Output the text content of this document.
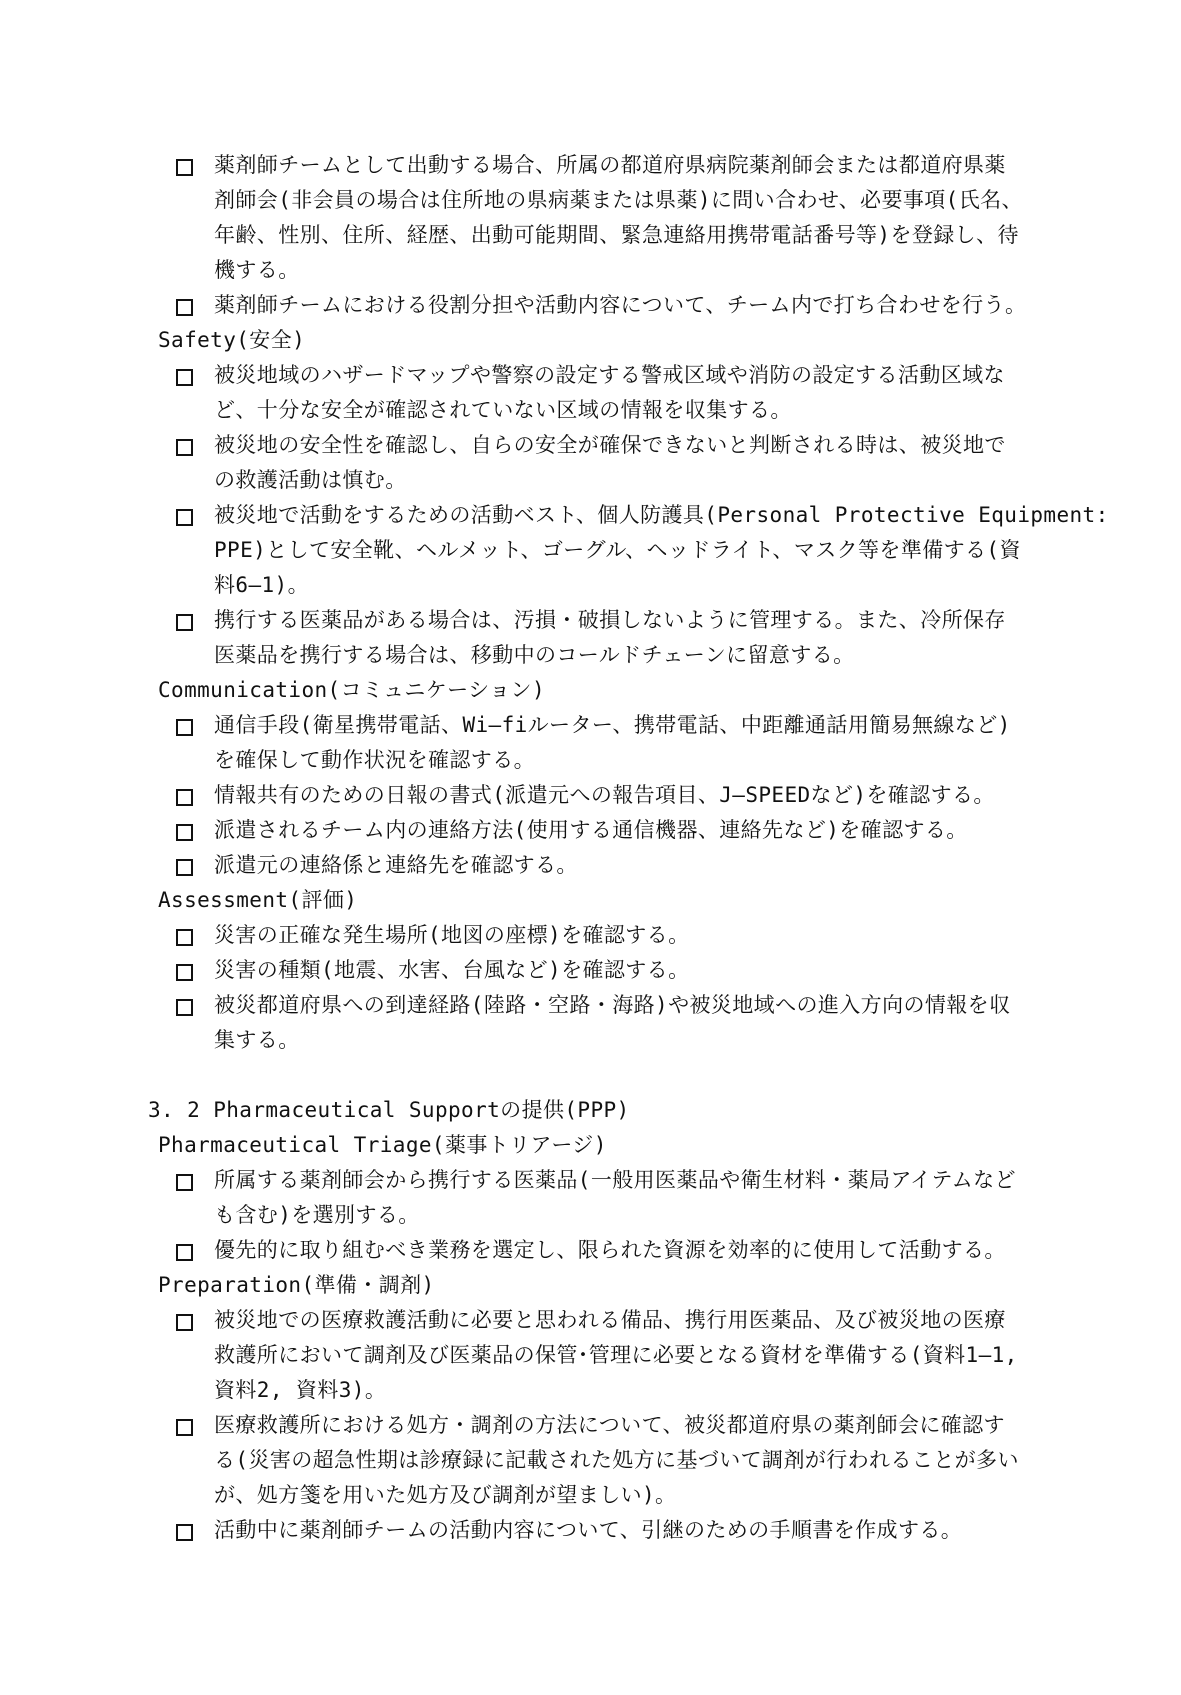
薬剤師チームとして出動する場合、所属の都道府県病院薬剤師会または都道府県薬
剤師会(非会員の場合は住所地の県病薬または県薬)に問い合わせ、必要事項(氏名、
年齢、性別、住所、経歴、出動可能期間、緊急連絡用携帯電話番号等)を登録し、待
機する。
薬剤師チームにおける役割分担や活動内容について、チーム内で打ち合わせを行う。
Safety(安全)
被災地域のハザードマップや警察の設定する警戒区域や消防の設定する活動区域な
ど、十分な安全が確認されていない区域の情報を収集する。
被災地の安全性を確認し、自らの安全が確保できないと判断される時は、被災地で
の救護活動は慎む。
被災地で活動をするための活動ベスト、個人防護具(Personal Protective Equipment:
PPE)として安全靴、ヘルメット、ゴーグル、ヘッドライト、マスク等を準備する(資
料6―1)。
携行する医薬品がある場合は、汚損・破損しないように管理する。また、冷所保存
医薬品を携行する場合は、移動中のコールドチェーンに留意する。
Communication(コミュニケーション)
通信手段(衛星携帯電話、Wi―fiルーター、携帯電話、中距離通話用簡易無線など)
を確保して動作状況を確認する。
情報共有のための日報の書式(派遣元への報告項目、J―SPEEDなど)を確認する。
派遣されるチーム内の連絡方法(使用する通信機器、連絡先など)を確認する。
派遣元の連絡係と連絡先を確認する。
Assessment(評価)
災害の正確な発生場所(地図の座標)を確認する。
災害の種類(地震、水害、台風など)を確認する。
被災都道府県への到達経路(陸路・空路・海路)や被災地域への進入方向の情報を収
集する。
3. 2 Pharmaceutical Supportの提供(PPP)
Pharmaceutical Triage(薬事トリアージ)
所属する薬剤師会から携行する医薬品(一般用医薬品や衛生材料・薬局アイテムなど
も含む)を選別する。
優先的に取り組むべき業務を選定し、限られた資源を効率的に使用して活動する。
Preparation(準備・調剤)
被災地での医療救護活動に必要と思われる備品、携行用医薬品、及び被災地の医療
救護所において調剤及び医薬品の保管･管理に必要となる資材を準備する(資料1―1,
資料2, 資料3)。
医療救護所における処方・調剤の方法について、被災都道府県の薬剤師会に確認す
る(災害の超急性期は診療録に記載された処方に基づいて調剤が行われることが多い
が、処方箋を用いた処方及び調剤が望ましい)。
活動中に薬剤師チームの活動内容について、引継のための手順書を作成する。
